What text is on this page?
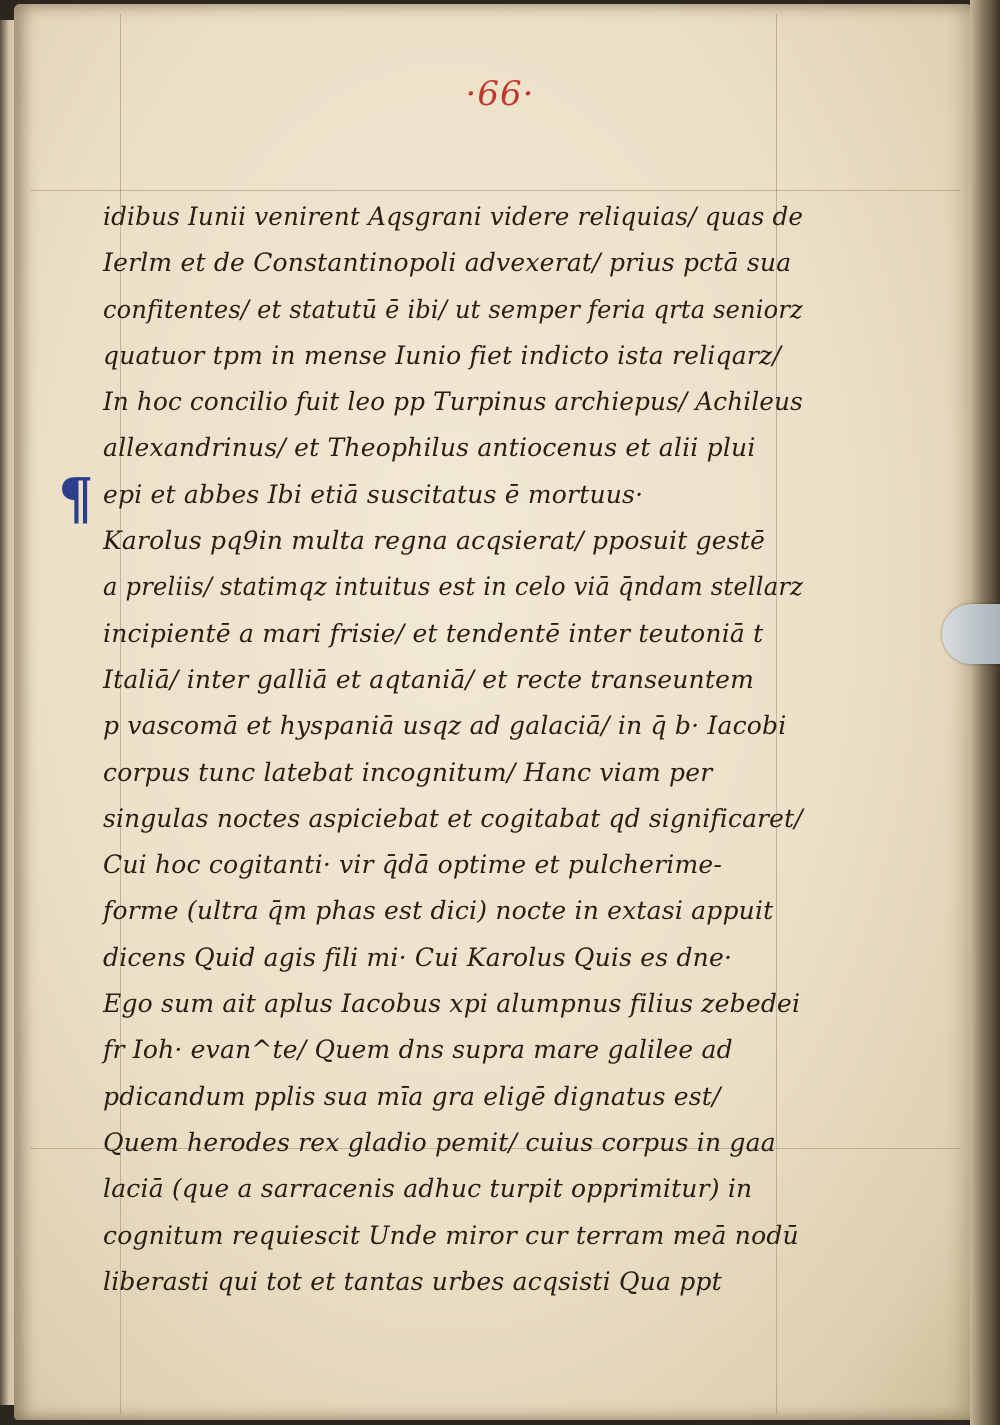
·66·
¶
idibus Iunii venirent Aqsgrani videre reliquias/ quas de
Ierlm et de Constantinopoli advexerat/ prius pctā sua
confitentes/ et statutū ē ibi/ ut semper feria qrta seniorz
quatuor tpm in mense Iunio fiet indicto ista reliqarz/
In hoc concilio fuit leo pp Turpinus archiepus/ Achileus
allexandrinus/ et Theophilus antiocenus et alii plui
epi et abbes Ibi etiā suscitatus ē mortuus·
Karolus pq9in multa regna acqsierat/ pposuit gestē
a preliis/ statimqz intuitus est in celo viā q̄ndam stellarz
incipientē a mari frisie/ et tendentē inter teutoniā t
Italiā/ inter galliā et aqtaniā/ et recte transeuntem
p vascomā et hyspaniā usqz ad galaciā/ in q̄ b· Iacobi
corpus tunc latebat incognitum/ Hanc viam per
singulas noctes aspiciebat et cogitabat qd significaret/
Cui hoc cogitanti· vir q̄dā optime et pulcherime-
forme (ultra q̄m phas est dici) nocte in extasi appuit
dicens Quid agis fili mi· Cui Karolus Quis es dne·
Ego sum ait aplus Iacobus xpi alumpnus filius zebedei
fr Ioh· evan^te/ Quem dns supra mare galilee ad
pdicandum pplis sua mīa gra eligē dignatus est/
Quem herodes rex gladio pemit/ cuius corpus in gaa
laciā (que a sarracenis adhuc turpit opprimitur) in
cognitum requiescit Unde miror cur terram meā nodū
liberasti qui tot et tantas urbes acqsisti Qua ppt
